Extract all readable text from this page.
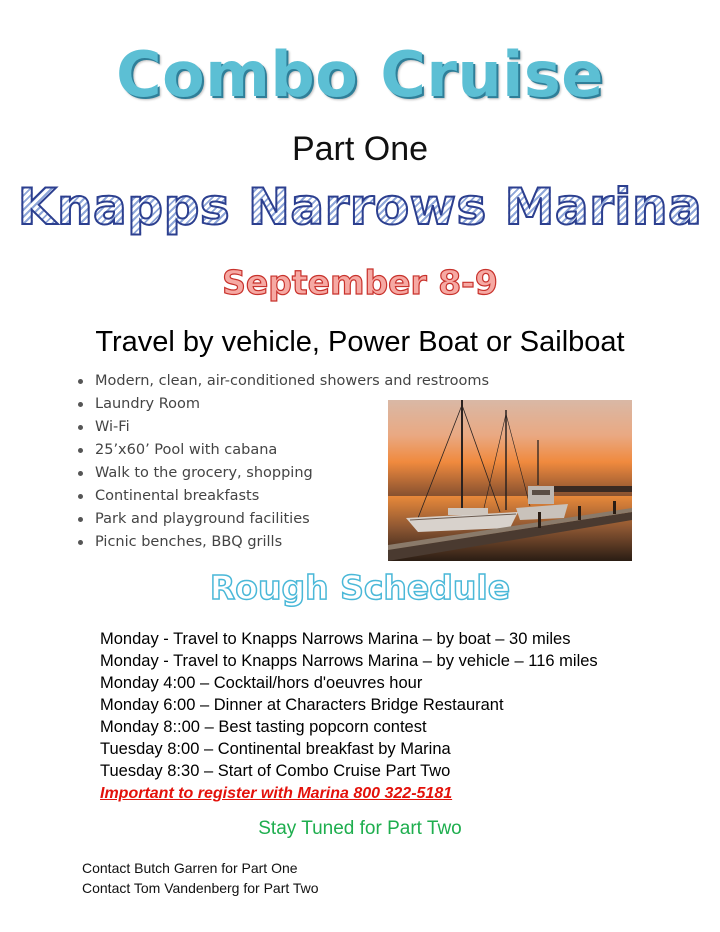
Combo Cruise
Part One
Knapps Narrows Marina
September 8-9
Travel by vehicle, Power Boat or Sailboat
Modern, clean, air-conditioned showers and restrooms
Laundry Room
Wi-Fi
25’x60’ Pool with cabana
Walk to the grocery, shopping
Continental breakfasts
Park and playground facilities
Picnic benches, BBQ grills
Rough Schedule
Monday - Travel to Knapps Narrows Marina – by boat – 30 miles
Monday - Travel to Knapps Narrows Marina – by vehicle – 116 miles
Monday 4:00 – Cocktail/hors d'oeuvres hour
Monday 6:00 – Dinner at Characters Bridge Restaurant
Monday 8::00 – Best tasting popcorn contest
Tuesday 8:00 – Continental breakfast by Marina
Tuesday 8:30 – Start of Combo Cruise Part Two
Important to register with Marina 800 322-5181
Stay Tuned for Part Two
Contact Butch Garren for Part One
Contact Tom Vandenberg for Part Two
